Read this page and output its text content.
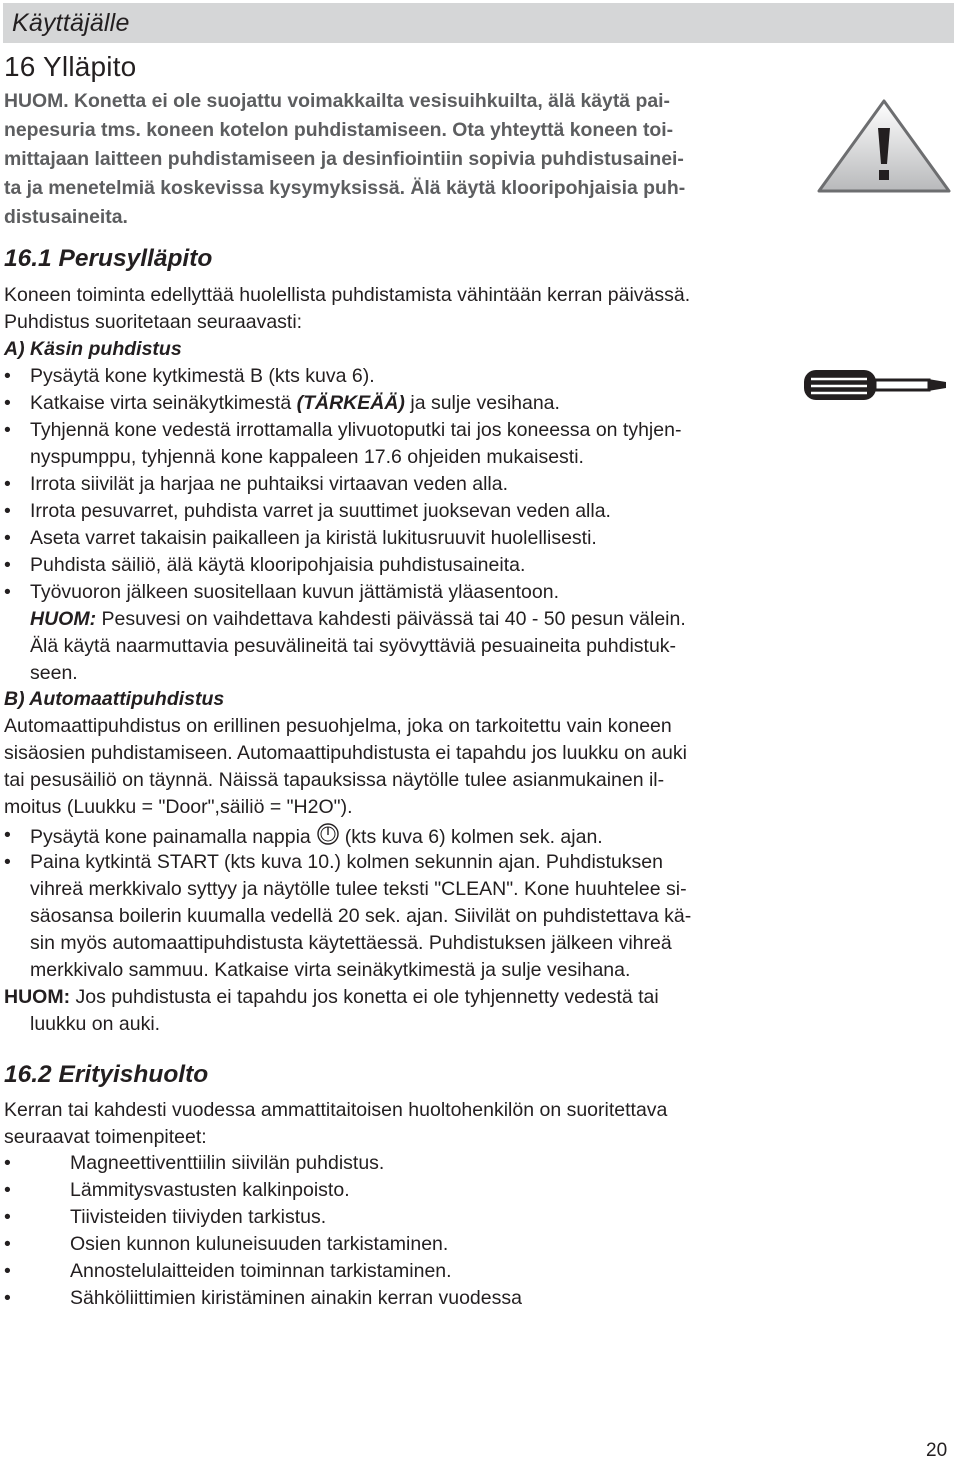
Käyttäjälle
16 Ylläpito
HUOM. Konetta ei ole suojattu voimakkailta vesisuihkuilta, älä käytä pai-
nepesuria tms. koneen kotelon puhdistamiseen. Ota yhteyttä koneen toi-
mittajaan laitteen puhdistamiseen ja desinfiointiin sopivia puhdistusainei-
ta ja menetelmiä koskevissa kysymyksissä. Älä käytä klooripohjaisia puh-
distusaineita.
16.1 Perusylläpito
Koneen toiminta edellyttää huolellista puhdistamista vähintään kerran päivässä.
Puhdistus suoritetaan seuraavasti:
A) Käsin puhdistus
• Pysäytä kone kytkimestä B (kts kuva 6).
• Katkaise virta seinäkytkimestä (TÄRKEÄÄ) ja sulje vesihana.
• Tyhjennä kone vedestä irrottamalla ylivuotoputki tai jos koneessa on tyhjen-
nyspumppu, tyhjennä kone kappaleen 17.6 ohjeiden mukaisesti.
• Irrota siivilät ja harjaa ne puhtaiksi virtaavan veden alla.
• Irrota pesuvarret, puhdista varret ja suuttimet juoksevan veden alla.
• Aseta varret takaisin paikalleen ja kiristä lukitusruuvit huolellisesti.
• Puhdista säiliö, älä käytä klooripohjaisia puhdistusaineita.
• Työvuoron jälkeen suositellaan kuvun jättämistä yläasentoon.
HUOM: Pesuvesi on vaihdettava kahdesti päivässä tai 40 - 50 pesun välein.
Älä käytä naarmuttavia pesuvälineitä tai syövyttäviä pesuaineita puhdistuk-
seen.
B) Automaattipuhdistus
Automaattipuhdistus on erillinen pesuohjelma, joka on tarkoitettu vain koneen
sisäosien puhdistamiseen. Automaattipuhdistusta ei tapahdu jos luukku on auki
tai pesusäiliö on täynnä. Näissä tapauksissa näytölle tulee asianmukainen il-
moitus (Luukku = "Door",säiliö = "H2O").
• Pysäytä kone painamalla nappia (kts kuva 6) kolmen sek. ajan.
• Paina kytkintä START (kts kuva 10.) kolmen sekunnin ajan. Puhdistuksen
vihreä merkkivalo syttyy ja näytölle tulee teksti "CLEAN". Kone huuhtelee si-
säosansa boilerin kuumalla vedellä 20 sek. ajan. Siivilät on puhdistettava kä-
sin myös automaattipuhdistusta käytettäessä. Puhdistuksen jälkeen vihreä
merkkivalo sammuu. Katkaise virta seinäkytkimestä ja sulje vesihana.
HUOM: Jos puhdistusta ei tapahdu jos konetta ei ole tyhjennetty vedestä tai
luukku on auki.
16.2 Erityishuolto
Kerran tai kahdesti vuodessa ammattitaitoisen huoltohenkilön on suoritettava
seuraavat toimenpiteet:
•	Magneettiventtiilin siivilän puhdistus.
•	Lämmitysvastusten kalkinpoisto.
•	Tiivisteiden tiiviyden tarkistus.
•	Osien kunnon kuluneisuuden tarkistaminen.
•	Annostelulaitteiden toiminnan tarkistaminen.
•	Sähköliittimien kiristäminen ainakin kerran vuodessa
20
